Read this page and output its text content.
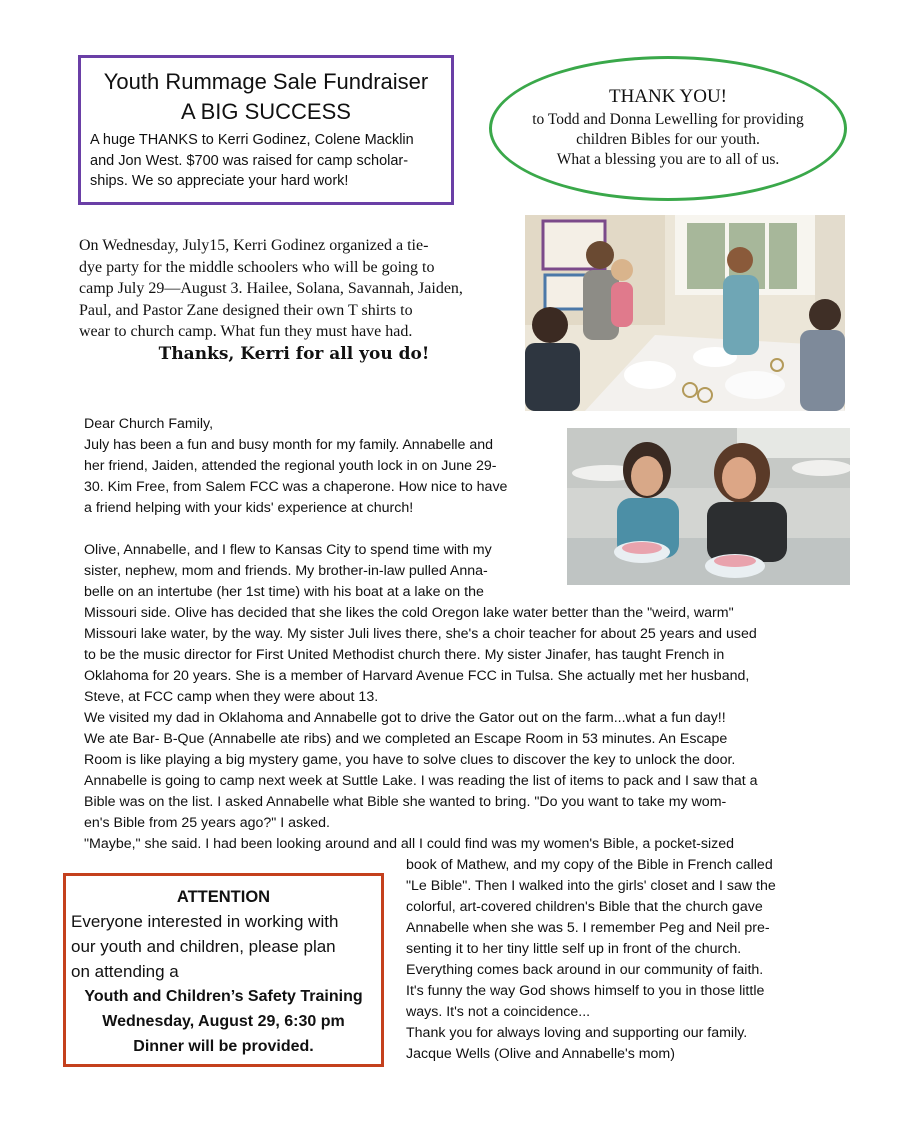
Youth Rummage Sale Fundraiser
A BIG SUCCESS
A huge THANKS to Kerri Godinez, Colene Macklin
and Jon West. $700 was raised for camp scholar-
ships. We so appreciate your hard work!
THANK YOU!
to Todd and Donna Lewelling for providing
children Bibles for our youth.
What a blessing you are to all of us.
On Wednesday, July15, Kerri Godinez organized a tie-
dye party for the middle schoolers who will be going to
camp July 29—August 3. Hailee, Solana, Savannah, Jaiden,
Paul, and Pastor Zane designed their own T shirts to
wear to church camp. What fun they must have had.
Thanks, Kerri for all you do!
Dear Church Family,
July has been a fun and busy month for my family. Annabelle and
her friend, Jaiden, attended the regional youth lock in on June 29-
30. Kim Free, from Salem FCC was a chaperone. How nice to have
a friend helping with your kids' experience at church!
Olive, Annabelle, and I flew to Kansas City to spend time with my
sister, nephew, mom and friends. My brother-in-law pulled Anna-
belle on an intertube (her 1st time) with his boat at a lake on the
Missouri side. Olive has decided that she likes the cold Oregon lake water better than the "weird, warm"
Missouri lake water, by the way. My sister Juli lives there, she's a choir teacher for about 25 years and used
to be the music director for First United Methodist church there. My sister Jinafer, has taught French in
Oklahoma for 20 years. She is a member of Harvard Avenue FCC in Tulsa. She actually met her husband,
Steve, at FCC camp when they were about 13.
We visited my dad in Oklahoma and Annabelle got to drive the Gator out on the farm...what a fun day!!
We ate Bar- B-Que (Annabelle ate ribs) and we completed an Escape Room in 53 minutes. An Escape
Room is like playing a big mystery game, you have to solve clues to discover the key to unlock the door.
Annabelle is going to camp next week at Suttle Lake. I was reading the list of items to pack and I saw that a
Bible was on the list. I asked Annabelle what Bible she wanted to bring. "Do you want to take my wom-
en's Bible from 25 years ago?" I asked.
"Maybe," she said. I had been looking around and all I could find was my women's Bible, a pocket-sized
book of Mathew, and my copy of the Bible in French called
"Le Bible". Then I walked into the girls' closet and I saw the
colorful, art-covered children's Bible that the church gave
Annabelle when she was 5. I remember Peg and Neil pre-
senting it to her tiny little self up in front of the church.
Everything comes back around in our community of faith.
It's funny the way God shows himself to you in those little
ways. It's not a coincidence...
Thank you for always loving and supporting our family.
Jacque Wells (Olive and Annabelle's mom)
ATTENTION
Everyone interested in working with
our youth and children, please plan
on attending a
Youth and Children’s Safety Training
Wednesday, August 29, 6:30 pm
Dinner will be provided.
